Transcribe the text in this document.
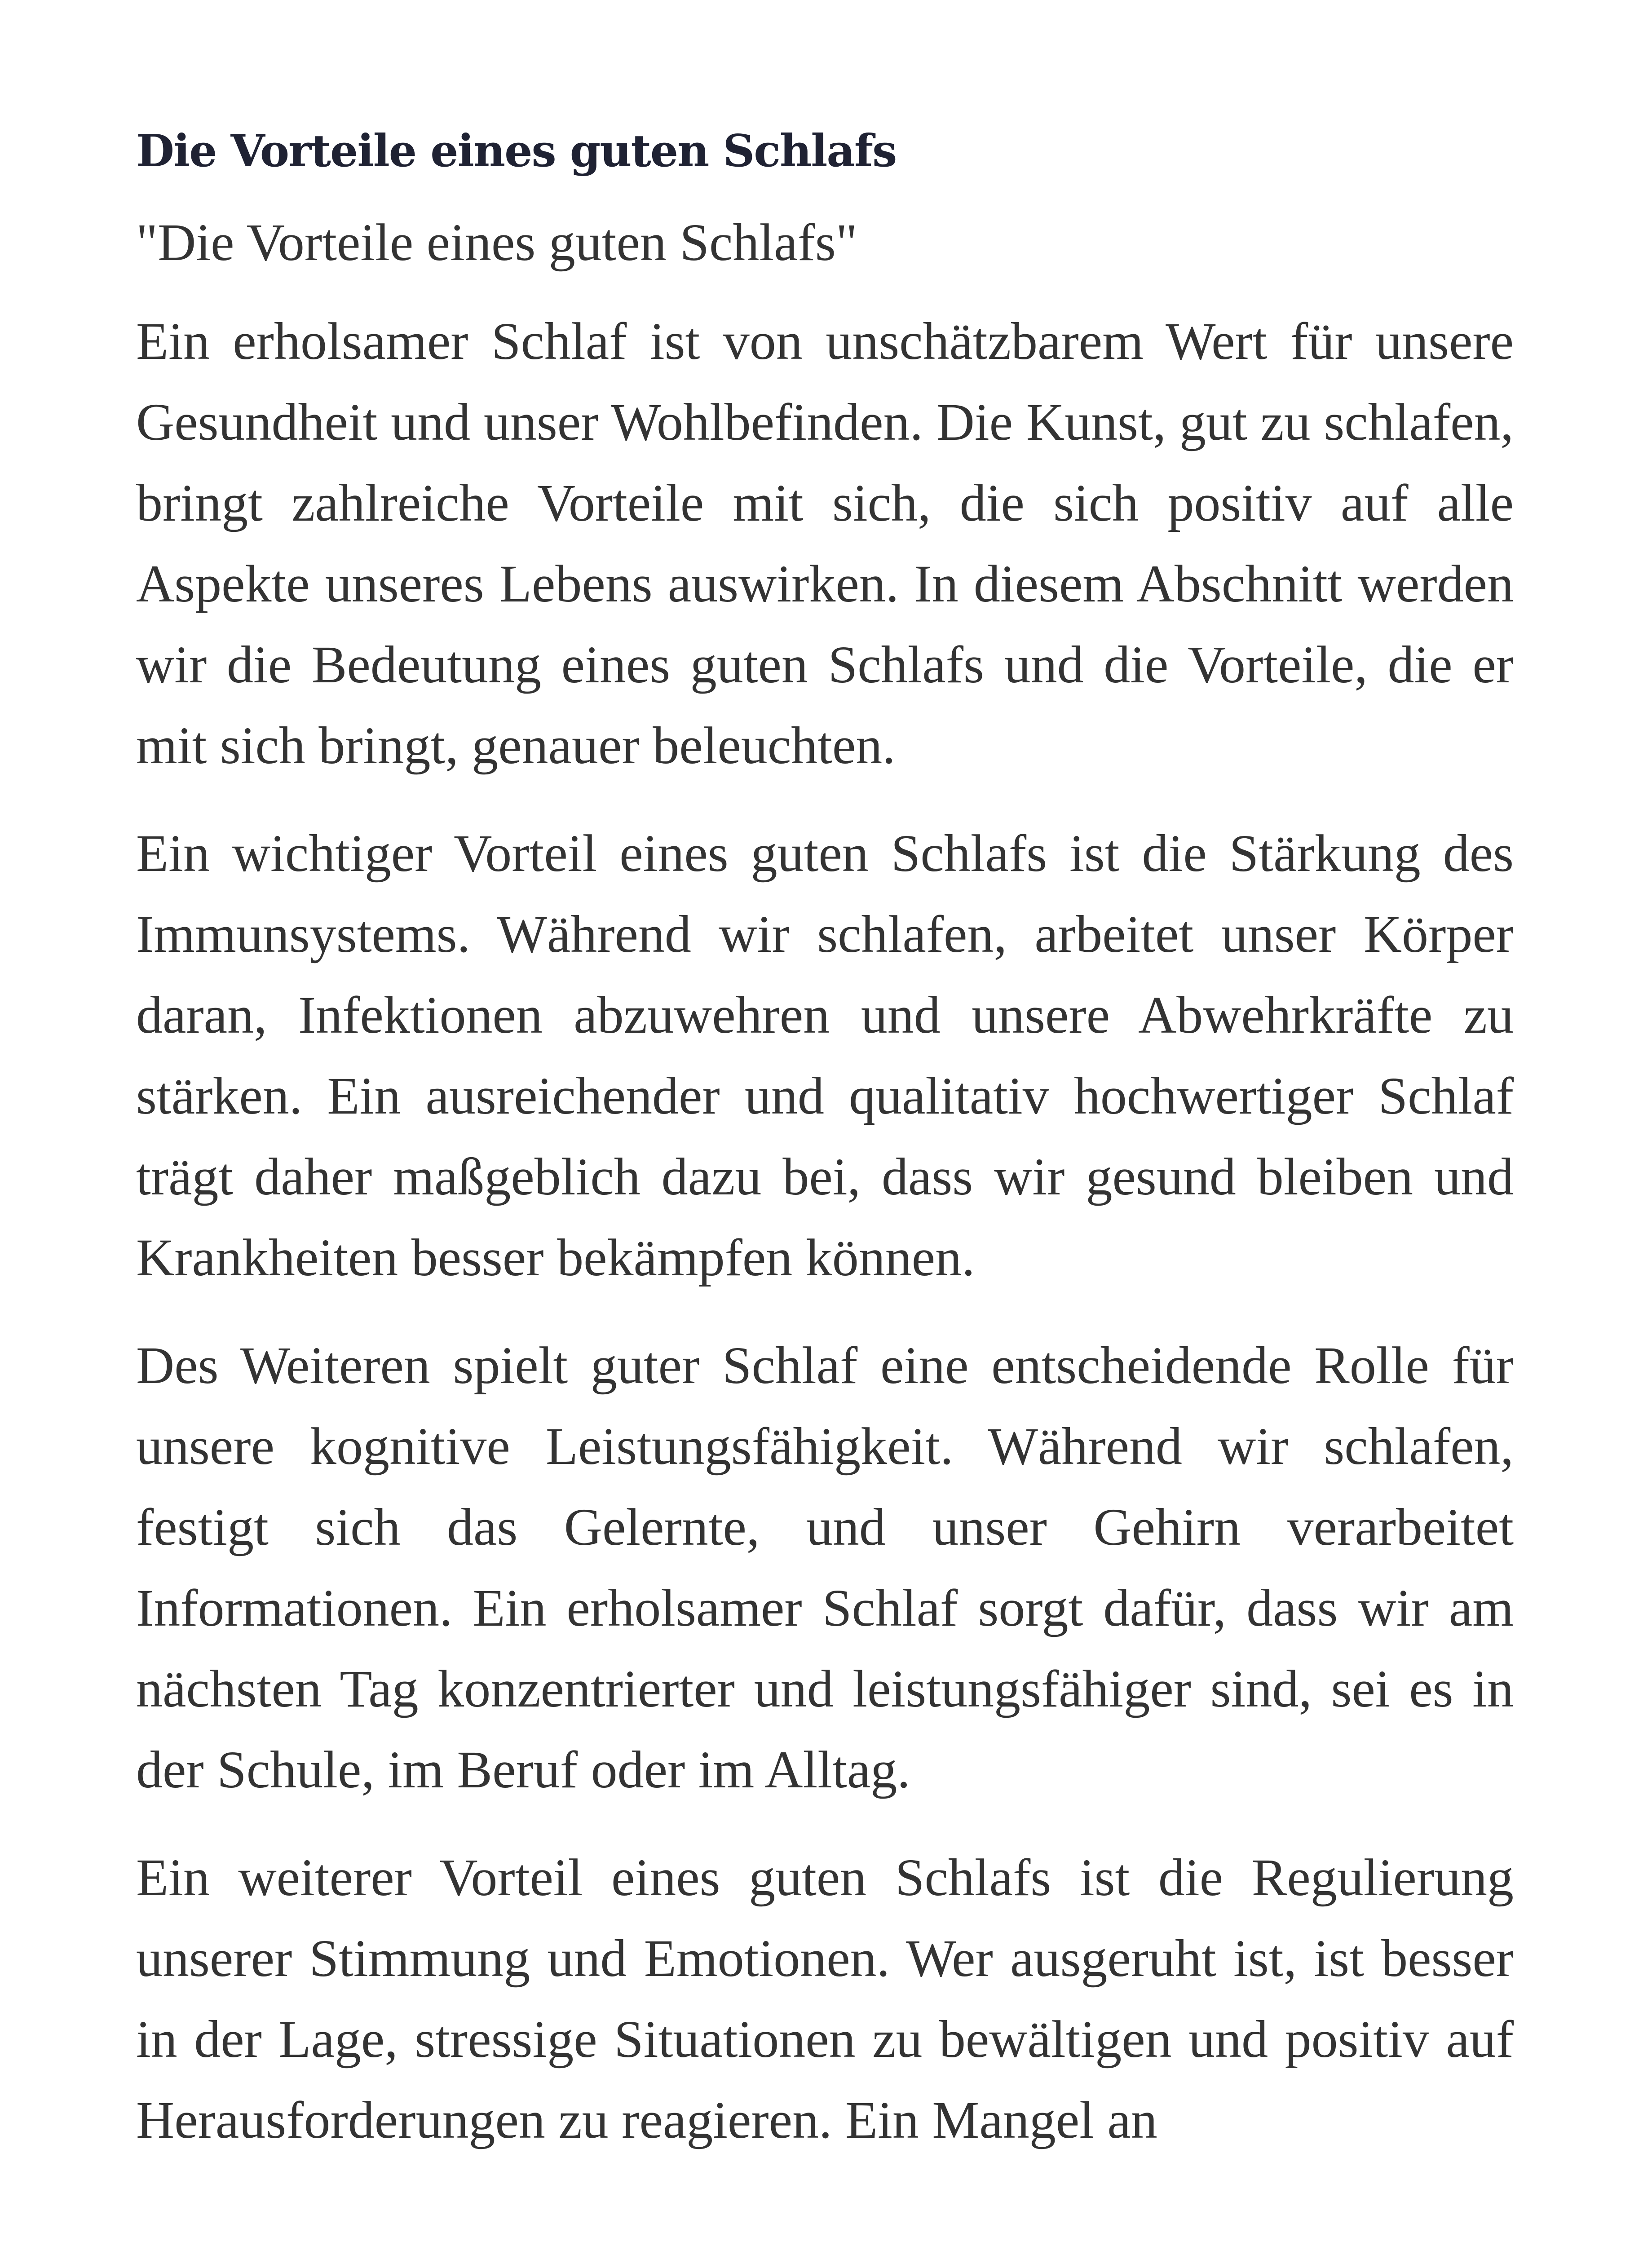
Die Vorteile eines guten Schlafs

"Die Vorteile eines guten Schlafs"

Ein erholsamer Schlaf ist von unschätzbarem Wert für unsere Gesundheit und unser Wohlbefinden. Die Kunst, gut zu schlafen, bringt zahlreiche Vorteile mit sich, die sich positiv auf alle Aspekte unseres Lebens auswirken. In diesem Abschnitt werden wir die Bedeutung eines guten Schlafs und die Vorteile, die er mit sich bringt, genauer beleuchten.

Ein wichtiger Vorteil eines guten Schlafs ist die Stärkung des Immunsystems. Während wir schlafen, arbeitet unser Körper daran, Infektionen abzuwehren und unsere Abwehrkräfte zu stärken. Ein ausreichender und qualitativ hochwertiger Schlaf trägt daher maßgeblich dazu bei, dass wir gesund bleiben und Krankheiten besser bekämpfen können.

Des Weiteren spielt guter Schlaf eine entscheidende Rolle für unsere kognitive Leistungsfähigkeit. Während wir schlafen, festigt sich das Gelernte, und unser Gehirn verarbeitet Informationen. Ein erholsamer Schlaf sorgt dafür, dass wir am nächsten Tag konzentrierter und leistungsfähiger sind, sei es in der Schule, im Beruf oder im Alltag.

Ein weiterer Vorteil eines guten Schlafs ist die Regulierung unserer Stimmung und Emotionen. Wer ausgeruht ist, ist besser in der Lage, stressige Situationen zu bewältigen und positiv auf Herausforderungen zu reagieren. Ein Mangel an
